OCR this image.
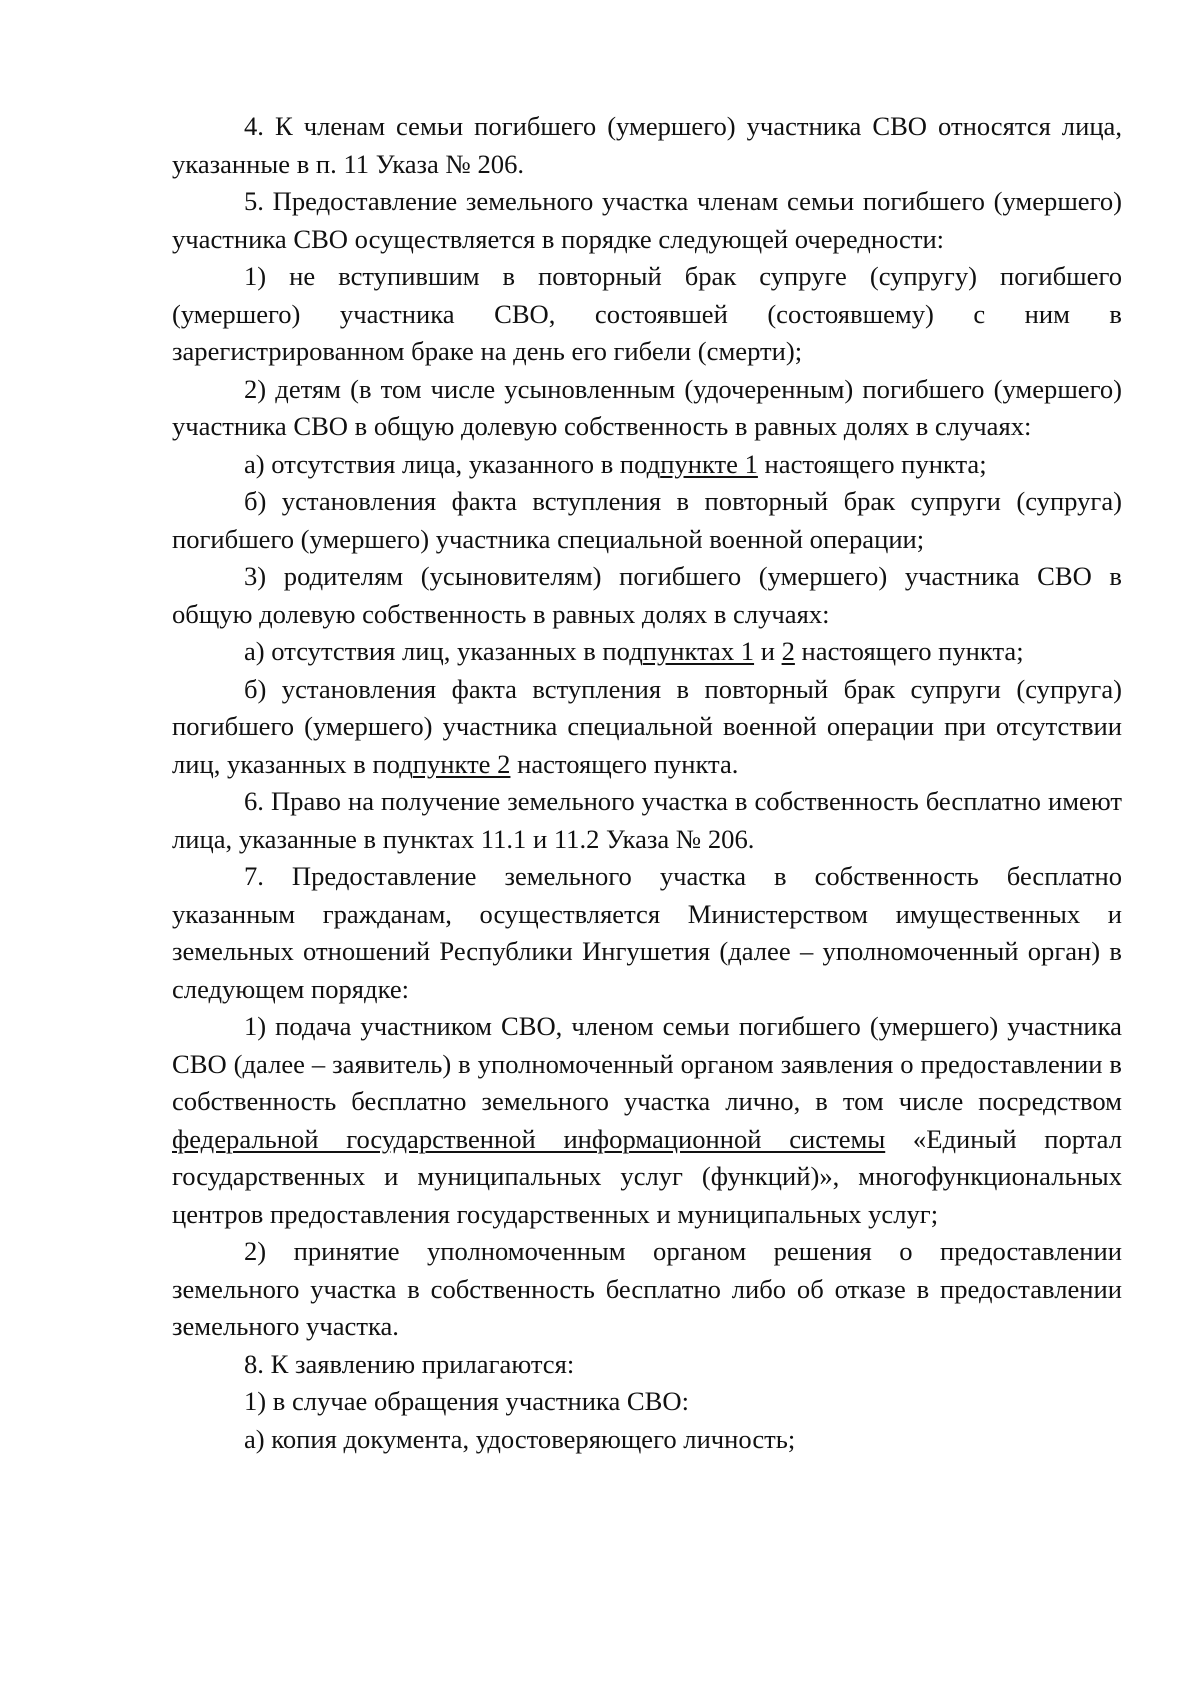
4. К членам семьи погибшего (умершего) участника СВО относятся лица, указанные в п. 11 Указа № 206.

5. Предоставление земельного участка членам семьи погибшего (умершего) участника СВО осуществляется в порядке следующей очередности:

1) не вступившим в повторный брак супруге (супругу) погибшего (умершего) участника СВО, состоявшей (состоявшему) с ним в зарегистрированном браке на день его гибели (смерти);

2) детям (в том числе усыновленным (удочеренным) погибшего (умершего) участника СВО в общую долевую собственность в равных долях в случаях:

а) отсутствия лица, указанного в подпункте 1 настоящего пункта;

б) установления факта вступления в повторный брак супруги (супруга) погибшего (умершего) участника специальной военной операции;

3) родителям (усыновителям) погибшего (умершего) участника СВО в общую долевую собственность в равных долях в случаях:

а) отсутствия лиц, указанных в подпунктах 1 и 2 настоящего пункта;

б) установления факта вступления в повторный брак супруги (супруга) погибшего (умершего) участника специальной военной операции при отсутствии лиц, указанных в подпункте 2 настоящего пункта.

6. Право на получение земельного участка в собственность бесплатно имеют лица, указанные в пунктах 11.1 и 11.2 Указа № 206.

7. Предоставление земельного участка в собственность бесплатно указанным гражданам, осуществляется Министерством имущественных и земельных отношений Республики Ингушетия (далее – уполномоченный орган) в следующем порядке:

1) подача участником СВО, членом семьи погибшего (умершего) участника СВО (далее – заявитель) в уполномоченный органом заявления о предоставлении в собственность бесплатно земельного участка лично, в том числе посредством федеральной государственной информационной системы «Единый портал государственных и муниципальных услуг (функций)», многофункциональных центров предоставления государственных и муниципальных услуг;

2) принятие уполномоченным органом решения о предоставлении земельного участка в собственность бесплатно либо об отказе в предоставлении земельного участка.

8. К заявлению прилагаются:

1) в случае обращения участника СВО:

а) копия документа, удостоверяющего личность;
